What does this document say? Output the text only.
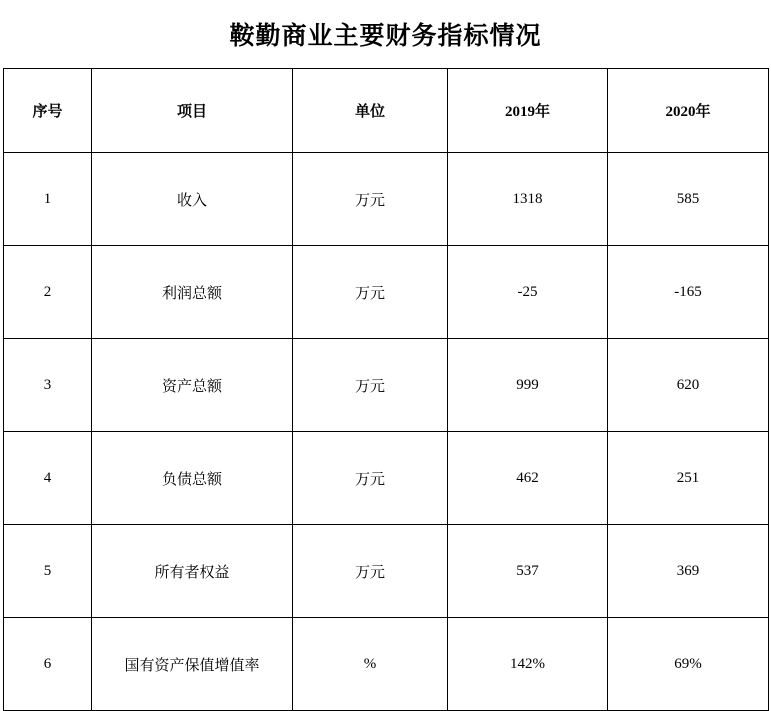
鞍勤商业主要财务指标情况
序号	项目	单位	2019年	2020年
1	收入	万元	1318	585
2	利润总额	万元	-25	-165
3	资产总额	万元	999	620
4	负债总额	万元	462	251
5	所有者权益	万元	537	369
6	国有资产保值增值率	%	142%	69%
